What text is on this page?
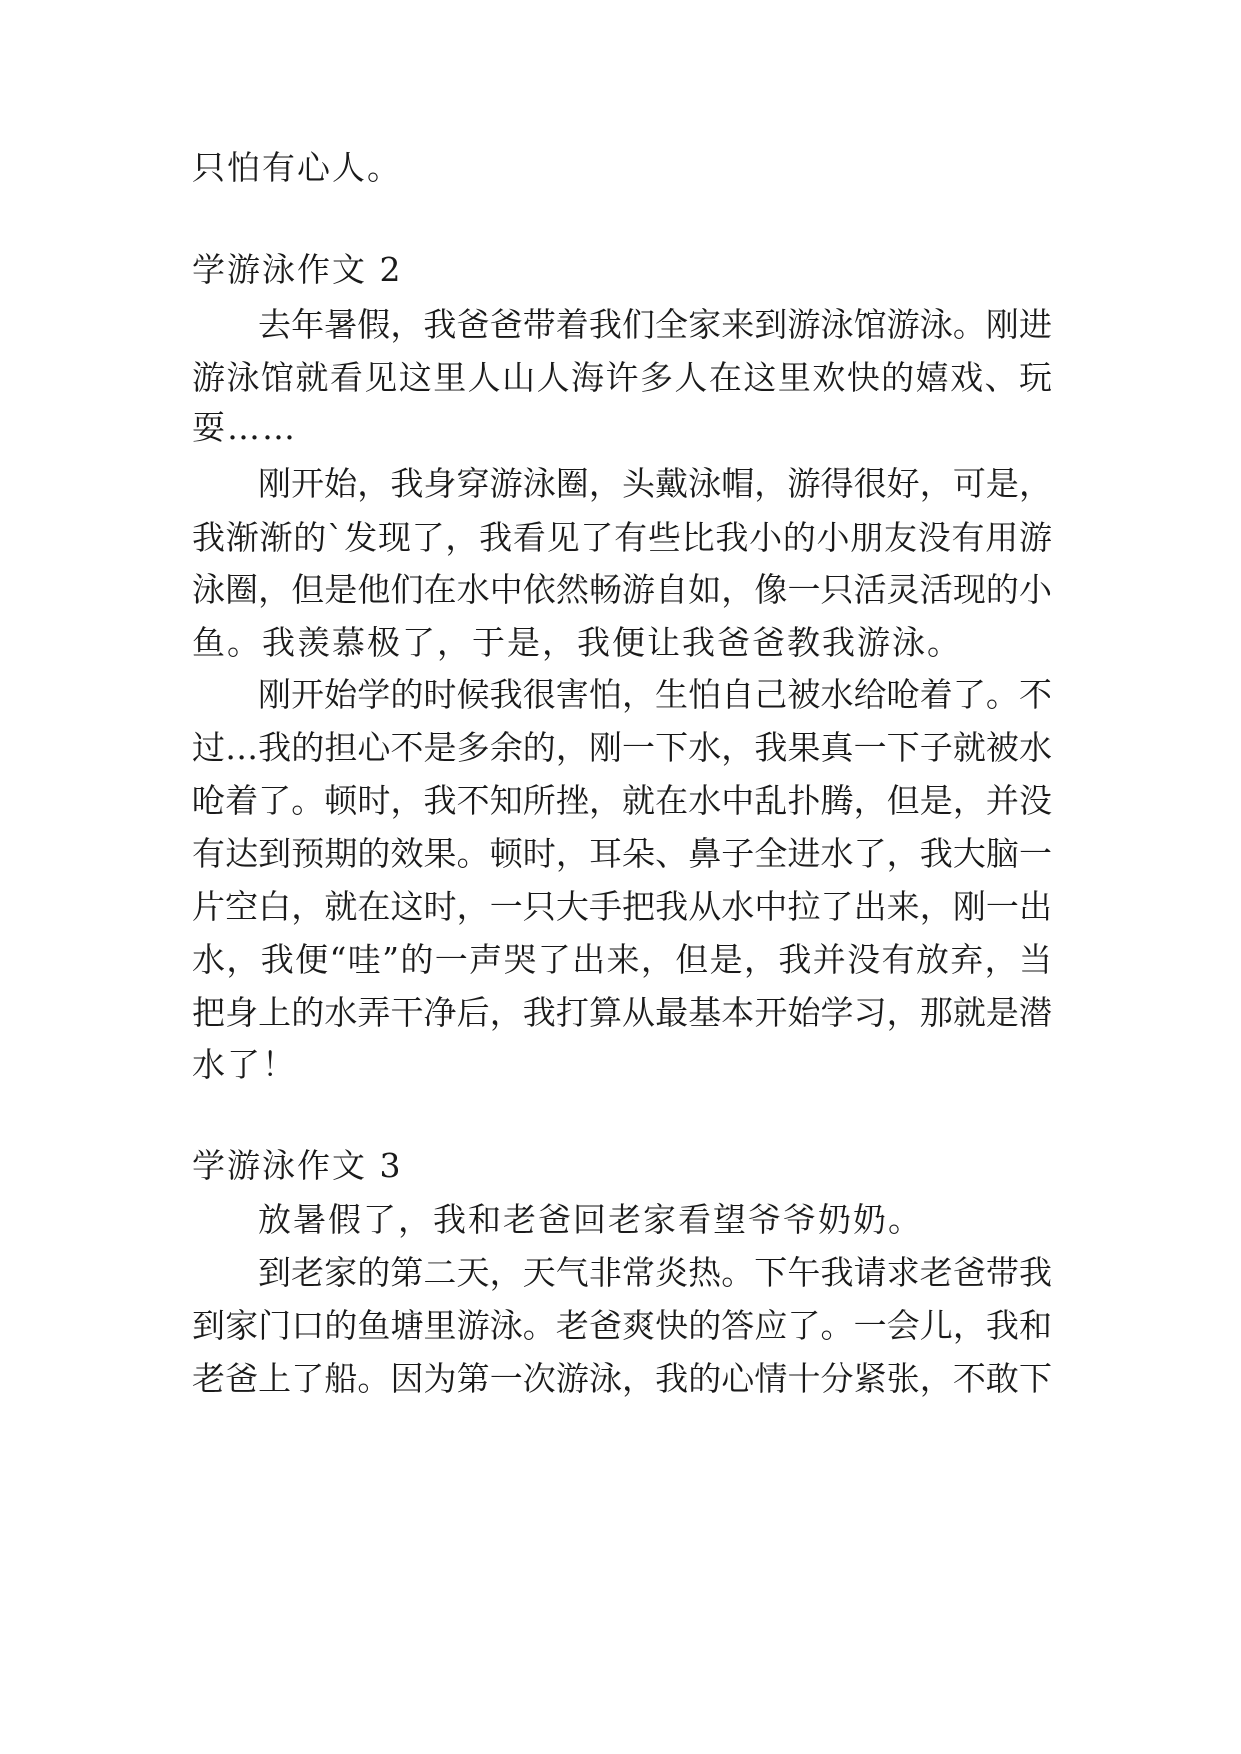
只怕有心人。
学游泳作文 2
去年暑假，我爸爸带着我们全家来到游泳馆游泳。刚进
游泳馆就看见这里人山人海许多人在这里欢快的嬉戏、玩
耍……
刚开始，我身穿游泳圈，头戴泳帽，游得很好，可是，
我渐渐的`发现了，我看见了有些比我小的小朋友没有用游
泳圈，但是他们在水中依然畅游自如，像一只活灵活现的小
鱼。我羡慕极了，于是，我便让我爸爸教我游泳。
刚开始学的时候我很害怕，生怕自己被水给呛着了。不
过…我的担心不是多余的，刚一下水，我果真一下子就被水
呛着了。顿时，我不知所挫，就在水中乱扑腾，但是，并没
有达到预期的效果。顿时，耳朵、鼻子全进水了，我大脑一
片空白，就在这时，一只大手把我从水中拉了出来，刚一出
水，我便“哇”的一声哭了出来，但是，我并没有放弃，当
把身上的水弄干净后，我打算从最基本开始学习，那就是潜
水了！
学游泳作文 3
放暑假了，我和老爸回老家看望爷爷奶奶。
到老家的第二天，天气非常炎热。下午我请求老爸带我
到家门口的鱼塘里游泳。老爸爽快的答应了。一会儿，我和
老爸上了船。因为第一次游泳，我的心情十分紧张，不敢下
